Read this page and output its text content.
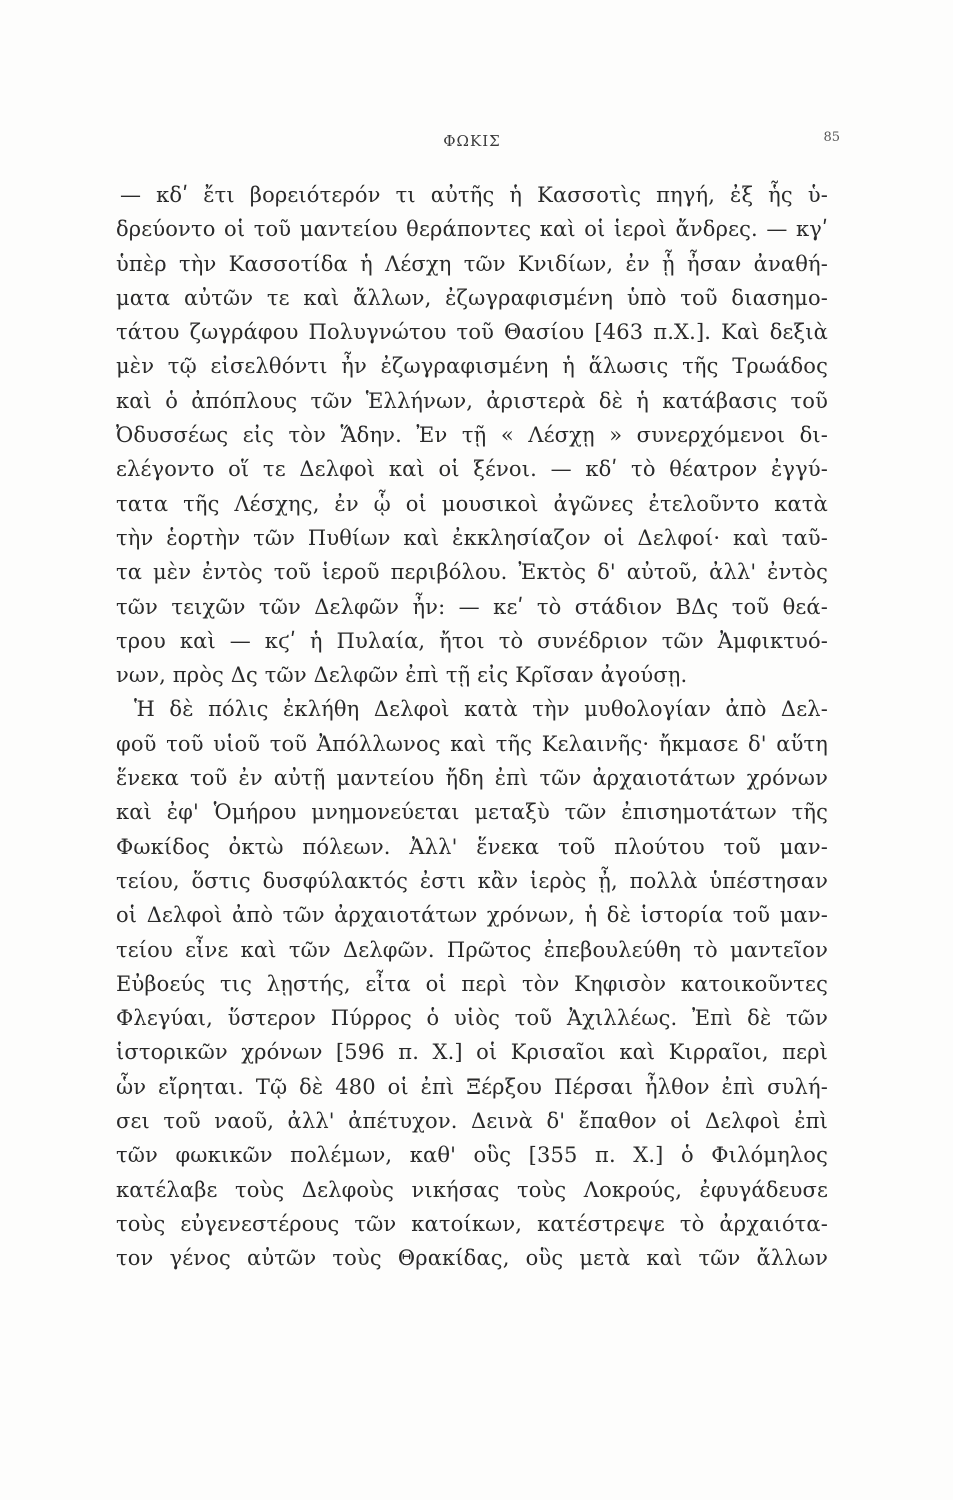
ΦΩΚΙΣ	85
— κδʹ ἔτι βορειότερόν τι αὐτῆς ἡ Κασσοτὶς πηγή, ἐξ ἧς ὑ-
δρεύοντο οἱ τοῦ μαντείου θεράποντες καὶ οἱ ἱεροὶ ἄνδρες. — κγʹ
ὑπὲρ τὴν Κασσοτίδα ἡ Λέσχη τῶν Κνιδίων, ἐν ᾗ ἦσαν ἀναθή-
ματα αὐτῶν τε καὶ ἄλλων, ἐζωγραφισμένη ὑπὸ τοῦ διασημο-
τάτου ζωγράφου Πολυγνώτου τοῦ Θασίου [463 π.Χ.]. Καὶ δεξιὰ
μὲν τῷ εἰσελθόντι ἦν ἐζωγραφισμένη ἡ ἅλωσις τῆς Τρωάδος
καὶ ὁ ἀπόπλους τῶν Ἑλλήνων, ἀριστερὰ δὲ ἡ κατάβασις τοῦ
Ὀδυσσέως εἰς τὸν Ἅδην. Ἐν τῇ « Λέσχῃ » συνερχόμενοι δι-
ελέγοντο οἵ τε Δελφοὶ καὶ οἱ ξένοι. — κδʹ τὸ θέατρον ἐγγύ-
τατα τῆς Λέσχης, ἐν ᾧ οἱ μουσικοὶ ἀγῶνες ἐτελοῦντο κατὰ
τὴν ἑορτὴν τῶν Πυθίων καὶ ἐκκλησίαζον οἱ Δελφοί· καὶ ταῦ-
τα μὲν ἐντὸς τοῦ ἱεροῦ περιβόλου. Ἐκτὸς δ' αὐτοῦ, ἀλλ' ἐντὸς
τῶν τειχῶν τῶν Δελφῶν ἦν: — κεʹ τὸ στάδιον ΒΔς τοῦ θεά-
τρου καὶ — κϛʹ ἡ Πυλαία, ἤτοι τὸ συνέδριον τῶν Ἀμφικτυό-
νων, πρὸς Δς τῶν Δελφῶν ἐπὶ τῇ εἰς Κρῖσαν ἀγούσῃ.
Ἡ δὲ πόλις ἐκλήθη Δελφοὶ κατὰ τὴν μυθολογίαν ἀπὸ Δελ-
φοῦ τοῦ υἱοῦ τοῦ Ἀπόλλωνος καὶ τῆς Κελαινῆς· ἤκμασε δ' αὕτη
ἕνεκα τοῦ ἐν αὐτῇ μαντείου ἤδη ἐπὶ τῶν ἀρχαιοτάτων χρόνων
καὶ ἐφ' Ὁμήρου μνημονεύεται μεταξὺ τῶν ἐπισημοτάτων τῆς
Φωκίδος ὀκτὼ πόλεων. Ἀλλ' ἕνεκα τοῦ πλούτου τοῦ μαν-
τείου, ὅστις δυσφύλακτός ἐστι κἂν ἱερὸς ᾖ, πολλὰ ὑπέστησαν
οἱ Δελφοὶ ἀπὸ τῶν ἀρχαιοτάτων χρόνων, ἡ δὲ ἱστορία τοῦ μαν-
τείου εἶνε καὶ τῶν Δελφῶν. Πρῶτος ἐπεβουλεύθη τὸ μαντεῖον
Εὐβοεύς τις λῃστής, εἶτα οἱ περὶ τὸν Κηφισὸν κατοικοῦντες
Φλεγύαι, ὕστερον Πύρρος ὁ υἱὸς τοῦ Ἀχιλλέως. Ἐπὶ δὲ τῶν
ἱστορικῶν χρόνων [596 π. Χ.] οἱ Κρισαῖοι καὶ Κιρραῖοι, περὶ
ὧν εἴρηται. Τῷ δὲ 480 οἱ ἐπὶ Ξέρξου Πέρσαι ἦλθον ἐπὶ συλή-
σει τοῦ ναοῦ, ἀλλ' ἀπέτυχον. Δεινὰ δ' ἔπαθον οἱ Δελφοὶ ἐπὶ
τῶν φωκικῶν πολέμων, καθ' οὓς [355 π. Χ.] ὁ Φιλόμηλος
κατέλαβε τοὺς Δελφοὺς νικήσας τοὺς Λοκρούς, ἐφυγάδευσε
τοὺς εὐγενεστέρους τῶν κατοίκων, κατέστρεψε τὸ ἀρχαιότα-
τον γένος αὐτῶν τοὺς Θρακίδας, οὓς μετὰ καὶ τῶν ἄλλων
